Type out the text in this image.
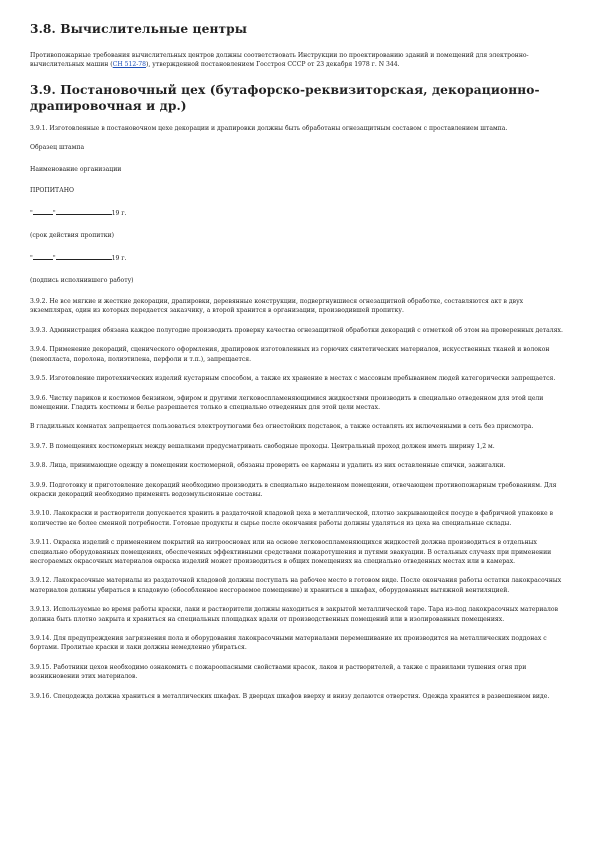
3.8. Вычислительные центры

Противопожарные требования вычислительных центров должны соответствовать Инструкции по проектированию зданий и помещений для электронно-вычислительных машин (СН 512-78), утвержденной постановлением Госстроя СССР от 23 декабря 1978 г. N 344.

3.9. Постановочный цех (бутафорско-реквизиторская, декорационно-драпировочная и др.)

3.9.1. Изготовленные в постановочном цехе декорации и драпировки должны быть обработаны огнезащитным составом с проставлением штампа.

Образец штампа

Наименование организации

ПРОПИТАНО

"	"	19 г.

(срок действия пропитки)

"	"	19 г.

(подпись исполнившего работу)

3.9.2. Не все мягкие и жесткие декорации, драпировки, деревянные конструкции, подвергнувшиеся огнезащитной обработке, составляются акт в двух экземплярах, один из которых передается заказчику, а второй хранится в организации, производившей пропитку.

3.9.3. Администрация обязана каждое полугодие производить проверку качества огнезащитной обработки декораций с отметкой об этом на проверенных деталях.

3.9.4. Применение декораций, сценического оформления, драпировок изготовленных из горючих синтетических материалов, искусственных тканей и волокон (пенопласта, поролона, полиэтилена, перфоли и т.п.), запрещается.

3.9.5. Изготовление пиротехнических изделий кустарным способом, а также их хранение в местах с массовым пребыванием людей категорически запрещается.

3.9.6. Чистку париков и костюмов бензином, эфиром и другими легковоспламеняющимися жидкостями производить в специально отведенном для этой цели помещении. Гладить костюмы и белье разрешается только в специально отведенных для этой цели местах.

В гладильных комнатах запрещается пользоваться электроутюгами без огнестойких подставок, а также оставлять их включенными в сеть без присмотра.

3.9.7. В помещениях костюмерных между вешалками предусматривать свободные проходы. Центральный проход должен иметь ширину 1,2 м.

3.9.8. Лица, принимающие одежду в помещении костюмерной, обязаны проверить ее карманы и удалить из них оставленные спички, зажигалки.

3.9.9. Подготовку и приготовление декораций необходимо производить в специально выделенном помещении, отвечающем противопожарным требованиям. Для окраски декораций необходимо применять водоэмульсионные составы.

3.9.10. Лакокраски и растворители допускается хранить в раздаточной кладовой цеха в металлической, плотно закрывающейся посуде в фабричной упаковке в количестве не более сменной потребности. Готовые продукты и сырье после окончания работы должны удаляться из цеха на специальные склады.

3.9.11. Окраска изделий с применением покрытий на нитроосновах или на основе легковоспламеняющихся жидкостей должна производиться в отдельных специально оборудованных помещениях, обеспеченных эффективными средствами пожаротушения и путями эвакуации. В остальных случаях при применении несгораемых окрасочных материалов окраска изделий может производиться в общих помещениях на специально отведенных местах или в камерах.

3.9.12. Лакокрасочные материалы из раздаточной кладовой должны поступать на рабочее место в готовом виде. После окончания работы остатки лакокрасочных материалов должны убираться в кладовую (обособленное несгораемое помещение) и храниться в шкафах, оборудованных вытяжной вентиляцией.

3.9.13. Используемые во время работы краски, лаки и растворители должны находиться в закрытой металлической таре. Тара из-под лакокрасочных материалов должна быть плотно закрыта и храниться на специальных площадках вдали от производственных помещений или в изолированных помещениях.

3.9.14. Для предупреждения загрязнения пола и оборудования лакокрасочными материалами перемешивание их производится на металлических поддонах с бортами. Пролитые краски и лаки должны немедленно убираться.

3.9.15. Работники цехов необходимо ознакомить с пожароопасными свойствами красок, лаков и растворителей, а также с правилами тушения огня при возникновении этих материалов.

3.9.16. Спецодежда должна храниться в металлических шкафах. В дверцах шкафов вверху и внизу делаются отверстия. Одежда хранится в развешенном виде.
